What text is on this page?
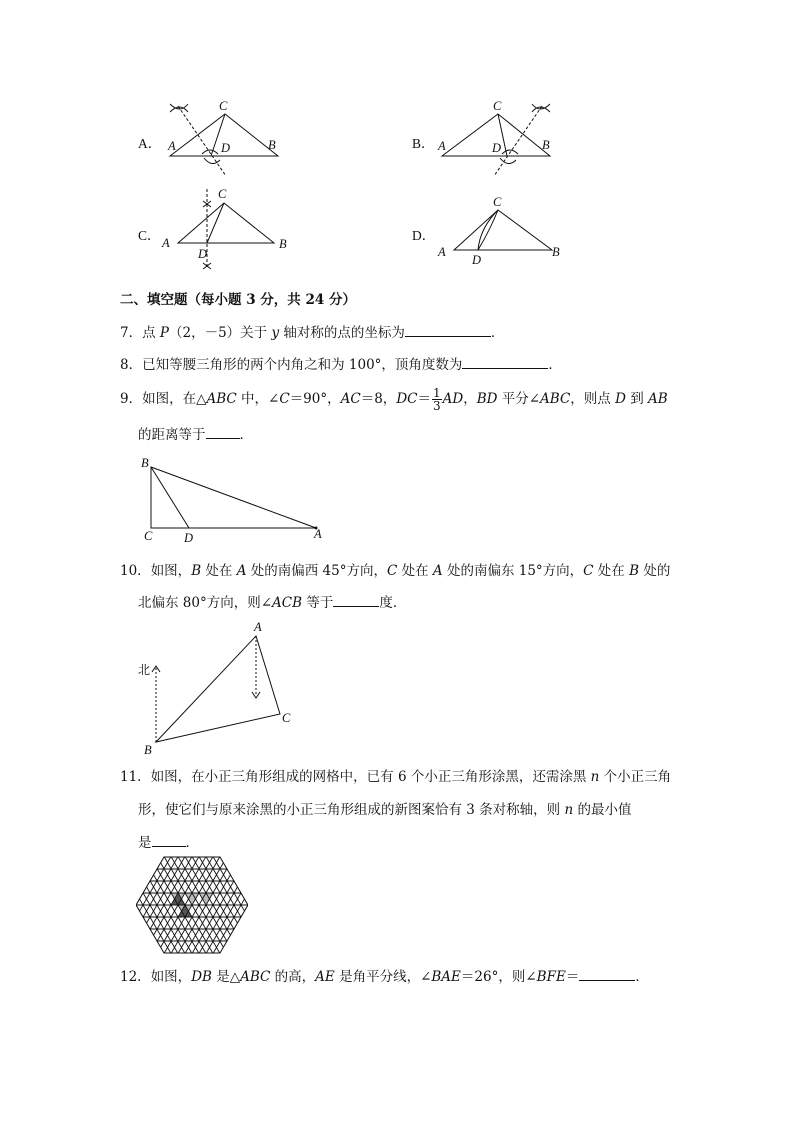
A． A
C
D	B	B． A
C
D	B
C． A
C
D
B
D．
A
C
D
B
二、填空题（每小题 3 分，共 24 分）
7．点 P（2，－5）关于 y 轴对称的点的坐标为	．
8．已知等腰三角形的两个内角之和为 100°，顶角度数为	．
9．如图，在△ABC 中，∠C＝90°，AC＝8，$DC= \frac{1}{3}$ AD，BD 平分∠ABC，则点 D 到 AB
的距离等于	．
B
C	D	A
10．如图，B 处在 A 处的南偏西 45°方向，C 处在 A 处的南偏东 15°方向，C 处在 B 处的
北偏东 80°方向，则∠ACB 等于	度．
北
A
B
C
11．如图，在小正三角形组成的网格中，已有 6 个小正三角形涂黑，还需涂黑 n 个小正三角
形，使它们与原来涂黑的小正三角形组成的新图案恰有 3 条对称轴，则 n 的最小值
是	．
12．如图，DB 是△ABC 的高，AE 是角平分线，∠BAE＝26°，则∠BFE＝	．
